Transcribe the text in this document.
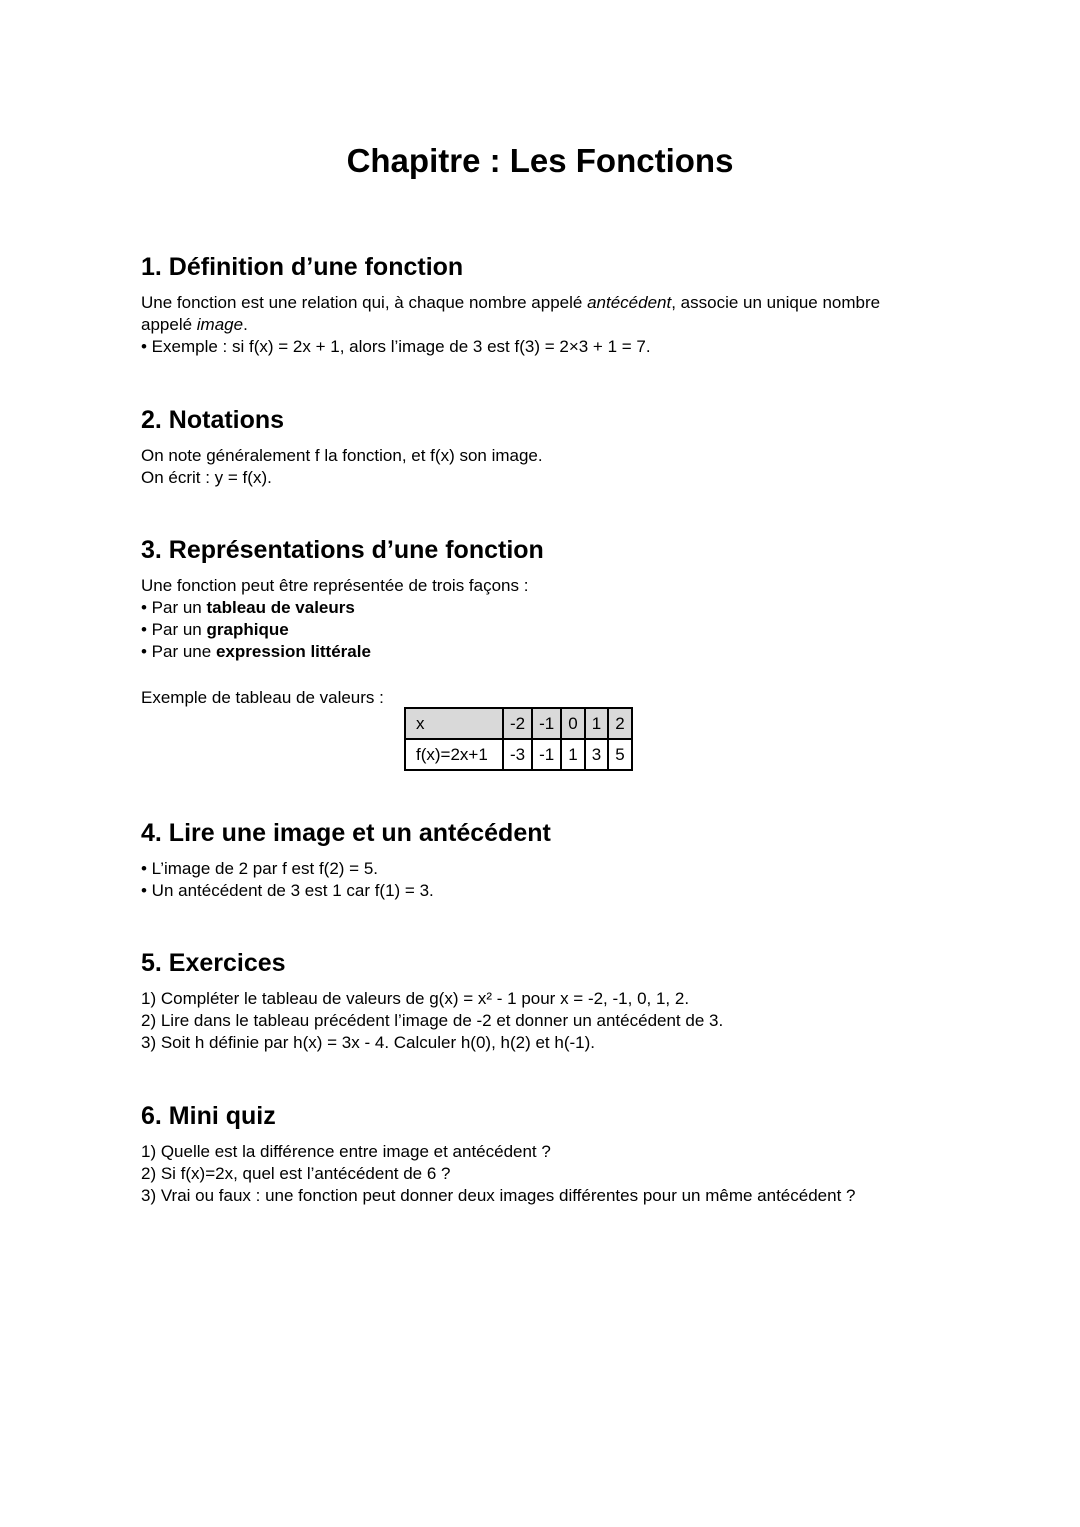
Chapitre : Les Fonctions
1. Définition d’une fonction

Une fonction est une relation qui, à chaque nombre appelé antécédent, associe un unique nombre

appelé image.

• Exemple : si f(x) = 2x + 1, alors l’image de 3 est f(3) = 2×3 + 1 = 7.

2. Notations

On note généralement f la fonction, et f(x) son image.

On écrit : y = f(x).

3. Représentations d’une fonction

Une fonction peut être représentée de trois façons :

• Par un tableau de valeurs

• Par un graphique

• Par une expression littérale

Exemple de tableau de valeurs :
x	-2	-1	0	1	2
f(x)=2x+1	-3	-1	1	3	5
4. Lire une image et un antécédent

• L’image de 2 par f est f(2) = 5.

• Un antécédent de 3 est 1 car f(1) = 3.

5. Exercices

1) Compléter le tableau de valeurs de g(x) = x² - 1 pour x = -2, -1, 0, 1, 2.

2) Lire dans le tableau précédent l’image de -2 et donner un antécédent de 3.

3) Soit h définie par h(x) = 3x - 4. Calculer h(0), h(2) et h(-1).

6. Mini quiz

1) Quelle est la différence entre image et antécédent ?

2) Si f(x)=2x, quel est l’antécédent de 6 ?

3) Vrai ou faux : une fonction peut donner deux images différentes pour un même antécédent ?
